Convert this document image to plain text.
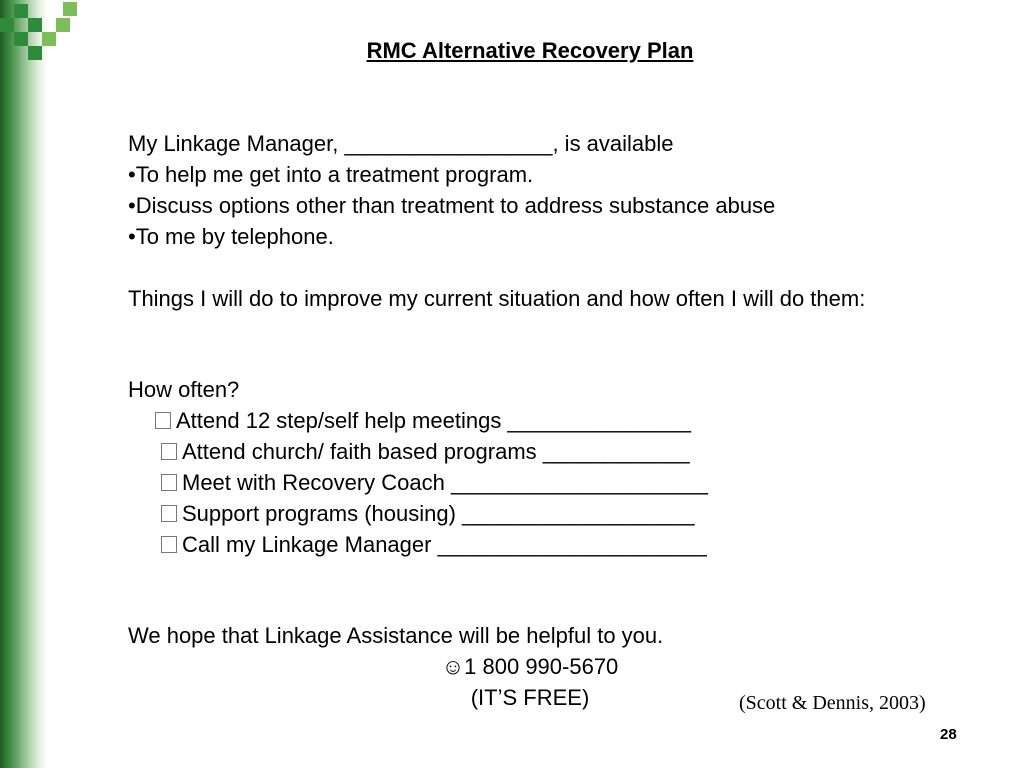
RMC Alternative Recovery Plan
My Linkage Manager, _________________, is available
•To help me get into a treatment program.
•Discuss options other than treatment to address substance abuse
•To me by telephone.
Things I will do to improve my current situation and how often I will do them:
How often?
Attend 12 step/self help meetings _______________
Attend church/ faith based programs ____________
Meet with Recovery Coach _____________________
Support programs (housing) ___________________
Call my Linkage Manager ______________________
We hope that Linkage Assistance will be helpful to you.
☺1 800 990-5670
(IT’S FREE)	(Scott & Dennis, 2003)
28
